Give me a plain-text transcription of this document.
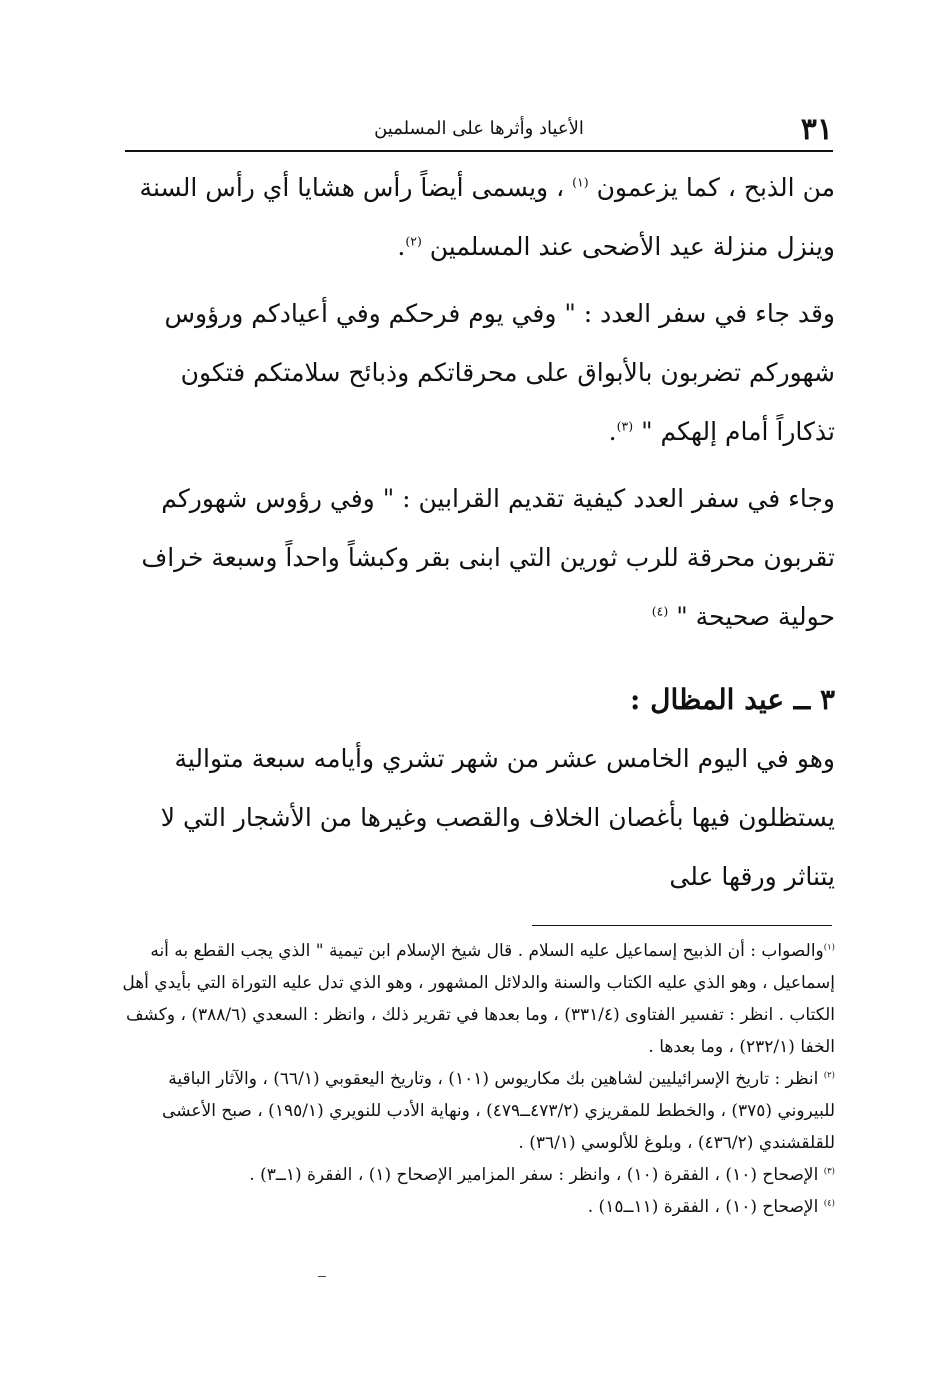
٣١
الأعياد وأثرها على المسلمين

من الذبح ، كما يزعمون $^{(١)}$ ، ويسمى أيضاً رأس هشايا أي رأس السنة وينزل منزلة عيد الأضحى عند المسلمين $^{(٢)}$.

وقد جاء في سفر العدد : " وفي يوم فرحكم وفي أعيادكم ورؤوس شهوركم تضربون بالأبواق على محرقاتكم وذبائح سلامتكم فتكون تذكاراً أمام إلهكم " $^{(٣)}$.

وجاء في سفر العدد كيفية تقديم القرابين : " وفي رؤوس شهوركم تقربون محرقة للرب ثورين التي ابنى بقر وكبشاً واحداً وسبعة خراف حولية صحيحة " $^{(٤)}$

٣ ــ عيد المظال :

وهو في اليوم الخامس عشر من شهر تشري وأيامه سبعة متوالية يستظلون فيها بأغصان الخلاف والقصب وغيرها من الأشجار التي لا يتناثر ورقها على

$^{(١)}$والصواب : أن الذبيح إسماعيل عليه السلام . قال شيخ الإسلام ابن تيمية " الذي يجب القطع به أنه إسماعيل ، وهو الذي عليه الكتاب والسنة والدلائل المشهور ، وهو الذي تدل عليه التوراة التي بأيدي أهل الكتاب . انظر : تفسير الفتاوى (٣٣١/٤) ، وما بعدها في تقرير ذلك ، وانظر : السعدي (٣٨٨/٦) ، وكشف الخفا (٢٣٢/١) ، وما بعدها .

$^{(٢)}$ انظر : تاريخ الإسرائيليين لشاهين بك مكاريوس (١٠١) ، وتاريخ اليعقوبي (٦٦/١) ، والآثار الباقية للبيروني (٣٧٥) ، والخطط للمقريزي (٤٧٣/٢ــ٤٧٩) ، ونهاية الأدب للنويري (١٩٥/١) ، صبح الأعشى للقلقشندي (٤٣٦/٢) ، وبلوغ للألوسي (٣٦/١) .

$^{(٣)}$ الإصحاح (١٠) ، الفقرة (١٠) ، وانظر : سفر المزامير الإصحاح (١) ، الفقرة (١ــ٣) .

$^{(٤)}$ الإصحاح (١٠) ، الفقرة (١١ــ١٥) .
